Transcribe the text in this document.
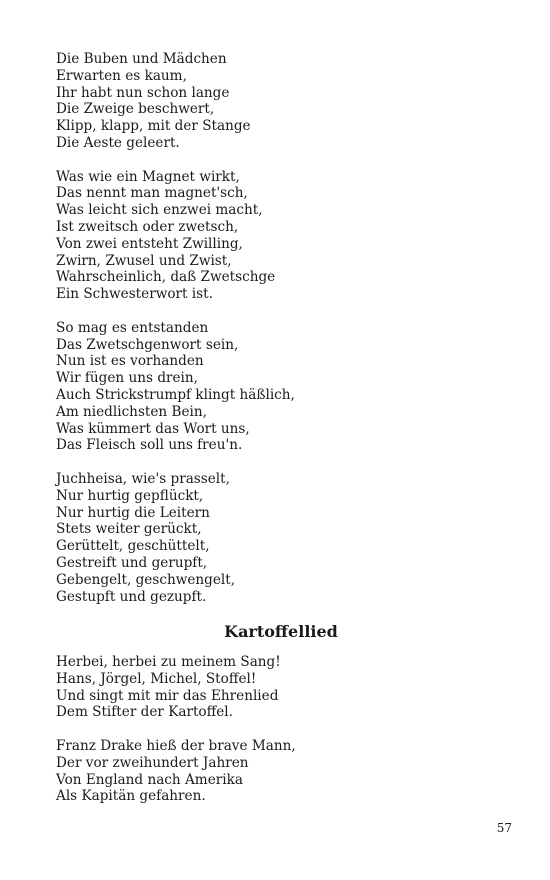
Die Buben und Mädchen
Erwarten es kaum,
Ihr habt nun schon lange
Die Zweige beschwert,
Klipp, klapp, mit der Stange
Die Aeste geleert.
Was wie ein Magnet wirkt,
Das nennt man magnet'sch,
Was leicht sich enzwei macht,
Ist zweitsch oder zwetsch,
Von zwei entsteht Zwilling,
Zwirn, Zwusel und Zwist,
Wahrscheinlich, daß Zwetschge
Ein Schwesterwort ist.
So mag es entstanden
Das Zwetschgenwort sein,
Nun ist es vorhanden
Wir fügen uns drein,
Auch Strickstrumpf klingt häßlich,
Am niedlichsten Bein,
Was kümmert das Wort uns,
Das Fleisch soll uns freu'n.
Juchheisa, wie's prasselt,
Nur hurtig gepflückt,
Nur hurtig die Leitern
Stets weiter gerückt,
Gerüttelt, geschüttelt,
Gestreift und gerupft,
Gebengelt, geschwengelt,
Gestupft und gezupft.
Kartoffellied
Herbei, herbei zu meinem Sang!
Hans, Jörgel, Michel, Stoffel!
Und singt mit mir das Ehrenlied
Dem Stifter der Kartoffel.
Franz Drake hieß der brave Mann,
Der vor zweihundert Jahren
Von England nach Amerika
Als Kapitän gefahren.
57
